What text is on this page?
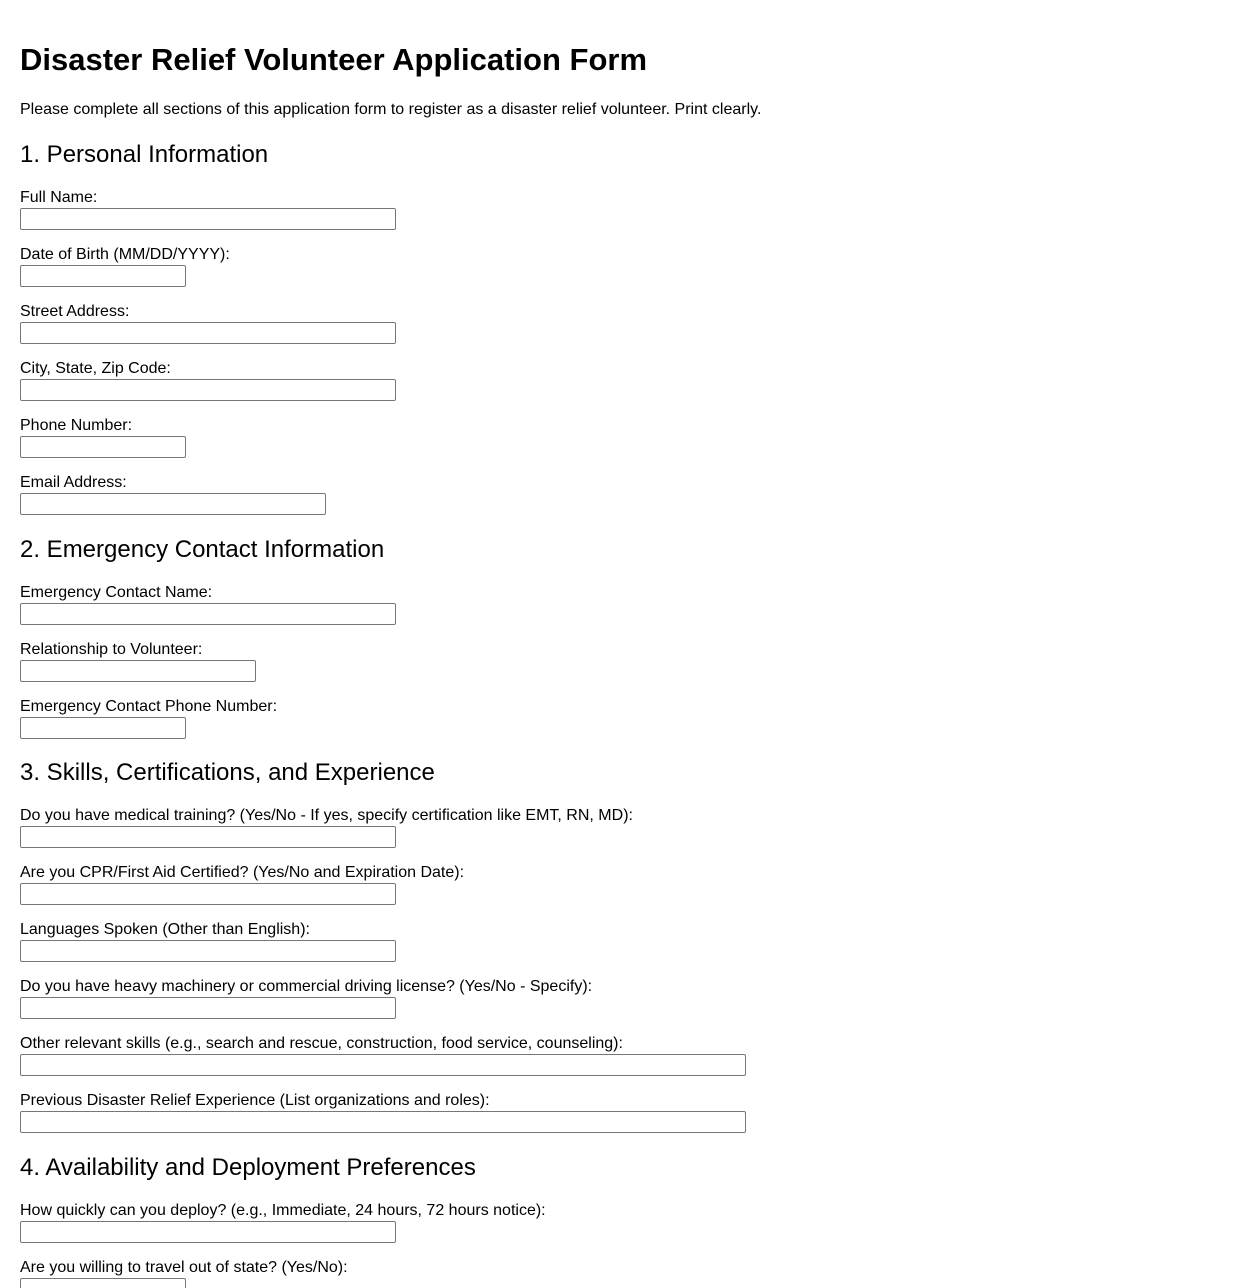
Disaster Relief Volunteer Application Form

Please complete all sections of this application form to register as a disaster relief volunteer. Print clearly.

1. Personal Information
Full Name:
Date of Birth (MM/DD/YYYY):
Street Address:
City, State, Zip Code:
Phone Number:
Email Address:
2. Emergency Contact Information
Emergency Contact Name:
Relationship to Volunteer:
Emergency Contact Phone Number:
3. Skills, Certifications, and Experience
Do you have medical training? (Yes/No - If yes, specify certification like EMT, RN, MD):
Are you CPR/First Aid Certified? (Yes/No and Expiration Date):
Languages Spoken (Other than English):
Do you have heavy machinery or commercial driving license? (Yes/No - Specify):
Other relevant skills (e.g., search and rescue, construction, food service, counseling):
Previous Disaster Relief Experience (List organizations and roles):
4. Availability and Deployment Preferences
How quickly can you deploy? (e.g., Immediate, 24 hours, 72 hours notice):
Are you willing to travel out of state? (Yes/No):
